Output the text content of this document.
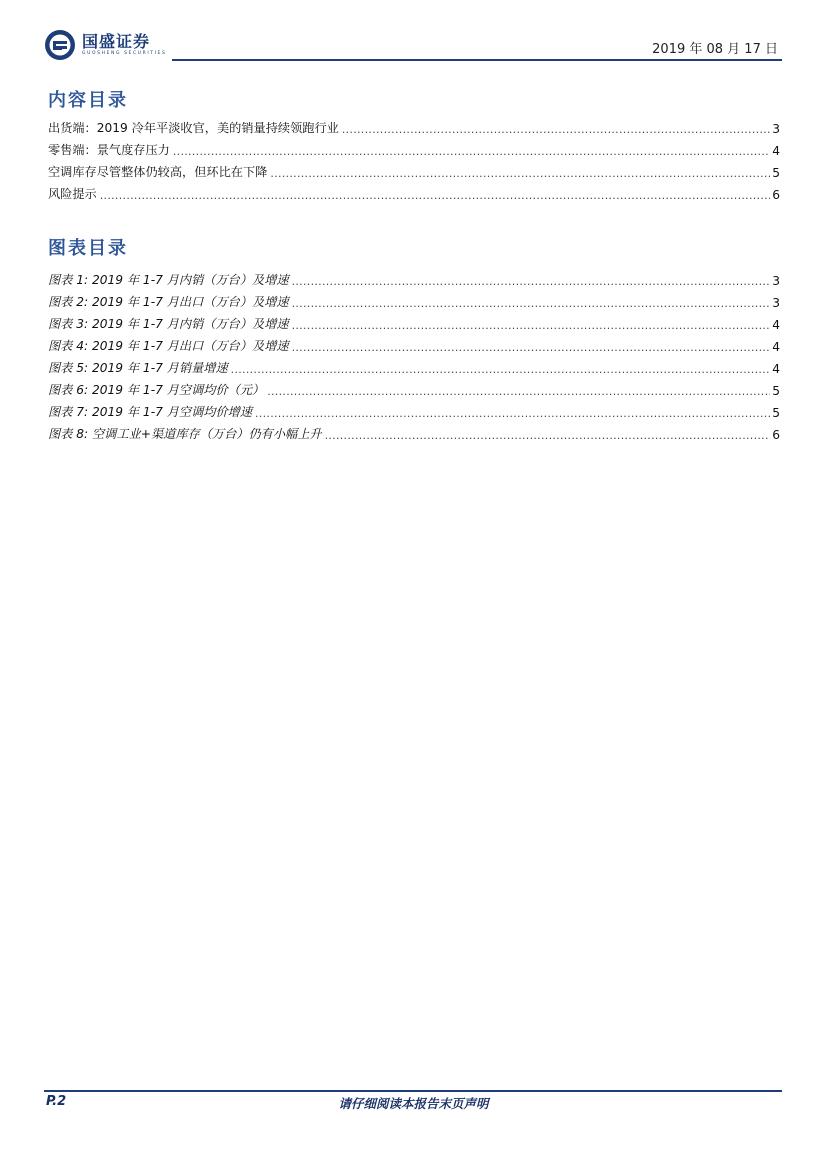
国盛证券
GUOSHENG SECURITIES	2019 年 08 月 17 日
内容目录
出货端：2019 冷年平淡收官，美的销量持续领跑行业 .....	3
零售端：景气度存压力 .....	4
空调库存尽管整体仍较高，但环比在下降 .....	5
风险提示 .....	6
图表目录
图表 1: 2019 年 1-7 月内销（万台）及增速 .....	3
图表 2: 2019 年 1-7 月出口（万台）及增速 .....	3
图表 3: 2019 年 1-7 月内销（万台）及增速 .....	4
图表 4: 2019 年 1-7 月出口（万台）及增速 .....	4
图表 5: 2019 年 1-7 月销量增速 .....	4
图表 6: 2019 年 1-7 月空调均价（元） .....	5
图表 7: 2019 年 1-7 月空调均价增速 .....	5
图表 8: 空调工业+渠道库存（万台）仍有小幅上升 .....	6
P.2	请仔细阅读本报告末页声明
